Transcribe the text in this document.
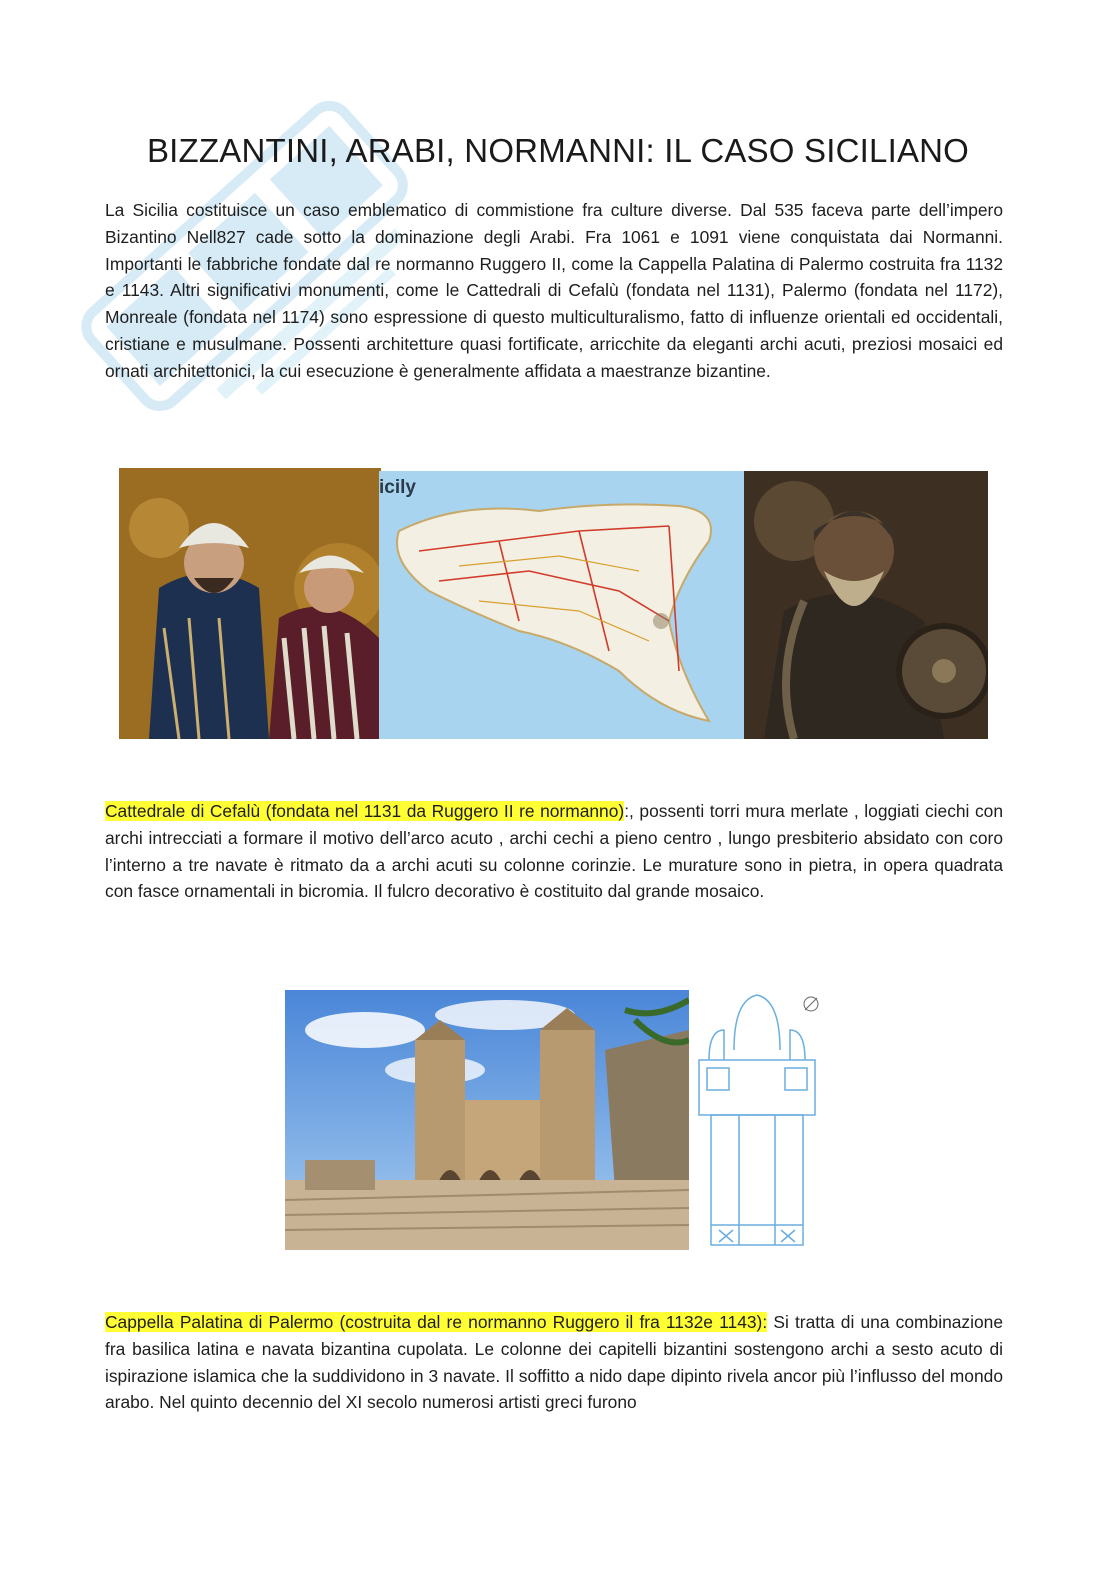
BIZZANTINI, ARABI, NORMANNI: IL CASO SICILIANO

La Sicilia costituisce un caso emblematico di commistione fra culture diverse. Dal 535 faceva parte dell’impero Bizantino Nell827 cade sotto la dominazione degli Arabi. Fra 1061 e 1091 viene conquistata dai Normanni. Importanti le fabbriche fondate dal re normanno Ruggero II, come la Cappella Palatina di Palermo costruita fra 1132 e 1143. Altri significativi monumenti, come le Cattedrali di Cefalù (fondata nel 1131), Palermo (fondata nel 1172), Monreale (fondata nel 1174) sono espressione di questo multiculturalismo, fatto di influenze orientali ed occidentali, cristiane e musulmane. Possenti architetture quasi fortificate, arricchite da eleganti archi acuti, preziosi mosaici ed ornati architettonici, la cui esecuzione è generalmente affidata a maestranze bizantine.

icily

Cattedrale di Cefalù (fondata nel 1131 da Ruggero II re normanno):, possenti torri mura merlate , loggiati ciechi con archi intrecciati a formare il motivo dell’arco acuto , archi cechi a pieno centro , lungo presbiterio absidato con coro l’interno a tre navate è ritmato da a archi acuti su colonne corinzie. Le murature sono in pietra, in opera quadrata con fasce ornamentali in bicromia. Il fulcro decorativo è costituito dal grande mosaico.

Cappella Palatina di Palermo (costruita dal re normanno Ruggero il fra 1132e 1143): Si tratta di una combinazione fra basilica latina e navata bizantina cupolata. Le colonne dei capitelli bizantini sostengono archi a sesto acuto di ispirazione islamica che la suddividono in 3 navate. Il soffitto a nido dape dipinto rivela ancor più l’influsso del mondo arabo. Nel quinto decennio del XI secolo numerosi artisti greci furono
